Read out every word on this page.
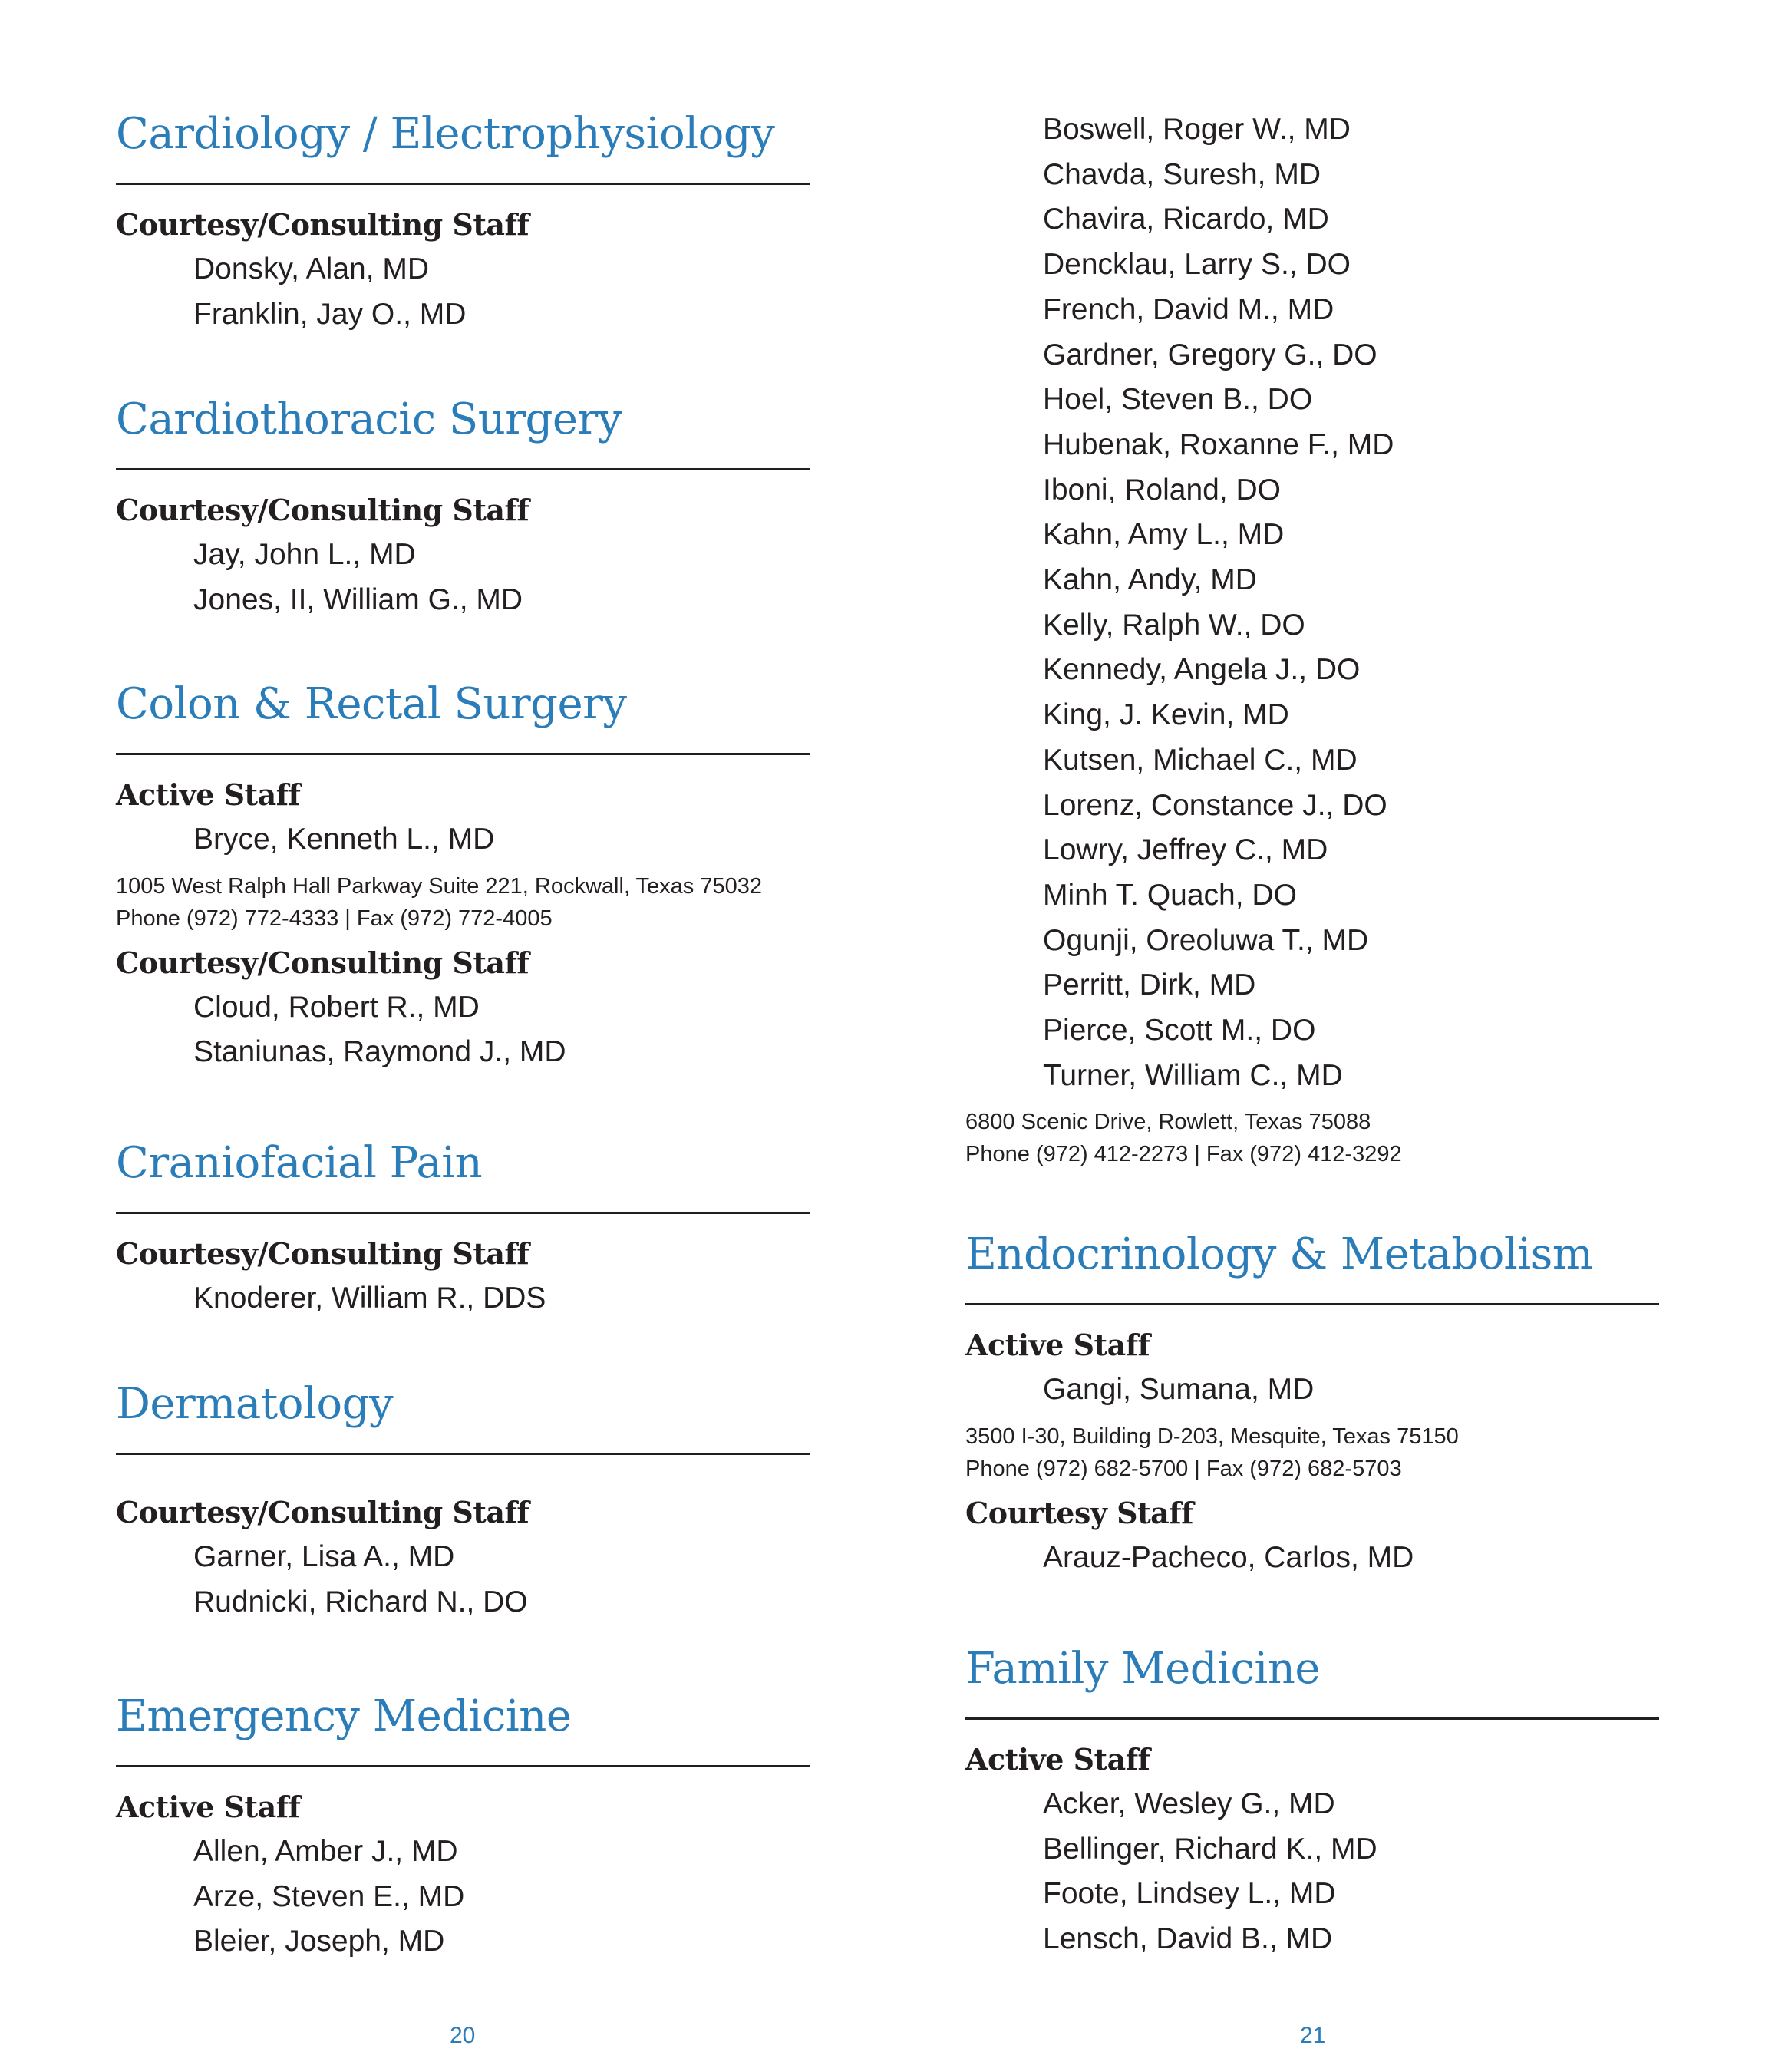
Cardiology / Electrophysiology
Courtesy/Consulting Staff
Donsky, Alan, MD
Franklin, Jay O., MD
Cardiothoracic Surgery
Courtesy/Consulting Staff
Jay, John L., MD
Jones, II, William G., MD
Colon & Rectal Surgery
Active Staff
Bryce, Kenneth L., MD
1005 West Ralph Hall Parkway Suite 221, Rockwall, Texas 75032
Phone (972) 772-4333 | Fax (972) 772-4005
Courtesy/Consulting Staff
Cloud, Robert R., MD
Staniunas, Raymond J., MD
Craniofacial Pain
Courtesy/Consulting Staff
Knoderer, William R., DDS
Dermatology
Courtesy/Consulting Staff
Garner, Lisa A., MD
Rudnicki, Richard N., DO
Emergency Medicine
Active Staff
Allen, Amber J., MD
Arze, Steven E., MD
Bleier, Joseph, MD
Boswell, Roger W., MD
Chavda, Suresh, MD
Chavira, Ricardo, MD
Dencklau, Larry S., DO
French, David M., MD
Gardner, Gregory G., DO
Hoel, Steven B., DO
Hubenak, Roxanne F., MD
Iboni, Roland, DO
Kahn, Amy L., MD
Kahn, Andy, MD
Kelly, Ralph W., DO
Kennedy, Angela J., DO
King, J. Kevin, MD
Kutsen, Michael C., MD
Lorenz, Constance J., DO
Lowry, Jeffrey C., MD
Minh T. Quach, DO
Ogunji, Oreoluwa T., MD
Perritt, Dirk, MD
Pierce, Scott M., DO
Turner, William C., MD
6800 Scenic Drive, Rowlett, Texas 75088
Phone (972) 412-2273 | Fax (972) 412-3292
Endocrinology & Metabolism
Active Staff
Gangi, Sumana, MD
3500 I-30, Building D-203, Mesquite, Texas 75150
Phone (972) 682-5700 | Fax (972) 682-5703
Courtesy Staff
Arauz-Pacheco, Carlos, MD
Family Medicine
Active Staff
Acker, Wesley G., MD
Bellinger, Richard K., MD
Foote, Lindsey L., MD
Lensch, David B., MD
20	21
